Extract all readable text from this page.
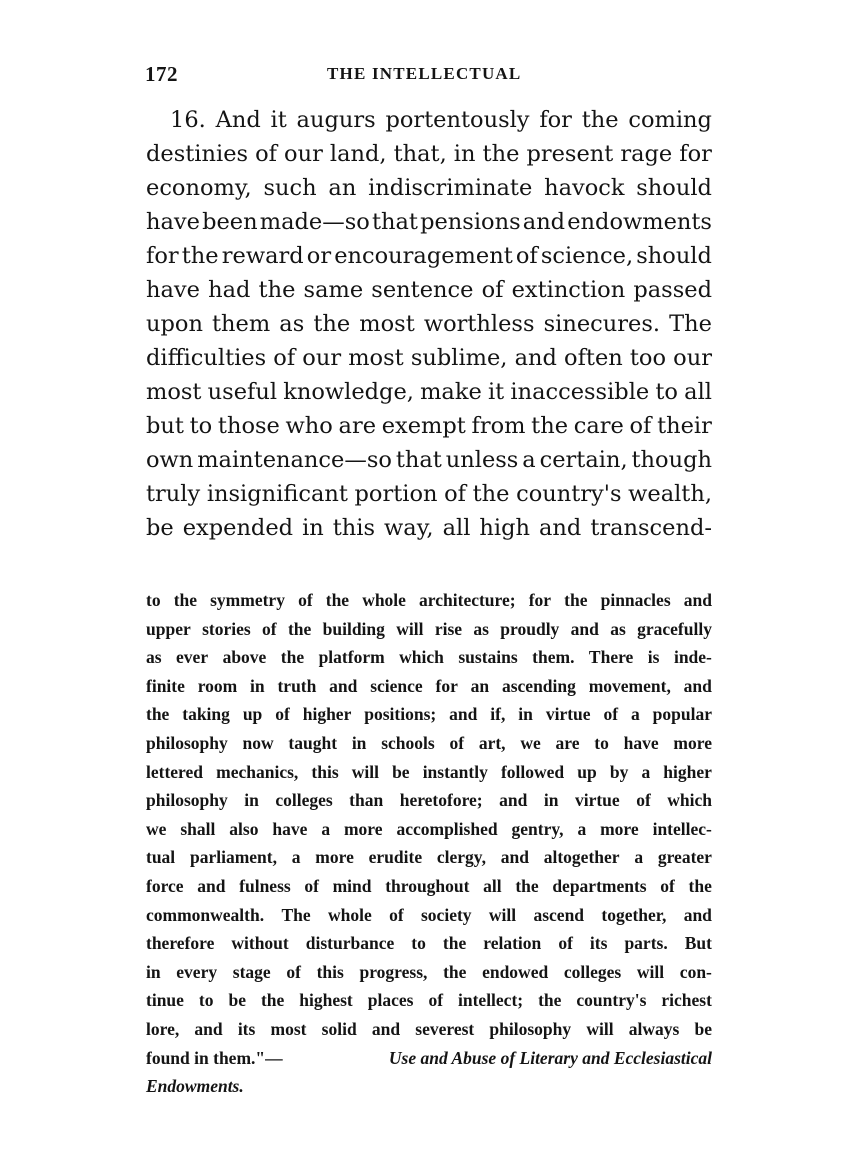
172	THE INTELLECTUAL
16. And it augurs portentously for the coming
destinies of our land, that, in the present rage for
economy, such an indiscriminate havock should
have been made—so that pensions and endowments
for the reward or encouragement of science, should
have had the same sentence of extinction passed
upon them as the most worthless sinecures. The
difficulties of our most sublime, and often too our
most useful knowledge, make it inaccessible to all
but to those who are exempt from the care of their
own maintenance—so that unless a certain, though
truly insignificant portion of the country's wealth,
be expended in this way, all high and transcend-
to the symmetry of the whole architecture; for the pinnacles and
upper stories of the building will rise as proudly and as gracefully
as ever above the platform which sustains them. There is inde-
finite room in truth and science for an ascending movement, and
the taking up of higher positions; and if, in virtue of a popular
philosophy now taught in schools of art, we are to have more
lettered mechanics, this will be instantly followed up by a higher
philosophy in colleges than heretofore; and in virtue of which
we shall also have a more accomplished gentry, a more intellec-
tual parliament, a more erudite clergy, and altogether a greater
force and fulness of mind throughout all the departments of the
commonwealth. The whole of society will ascend together, and
therefore without disturbance to the relation of its parts. But
in every stage of this progress, the endowed colleges will con-
tinue to be the highest places of intellect; the country's richest
lore, and its most solid and severest philosophy will always be
found in them."—	Use and Abuse of Literary and Ecclesiastical
Endowments.
